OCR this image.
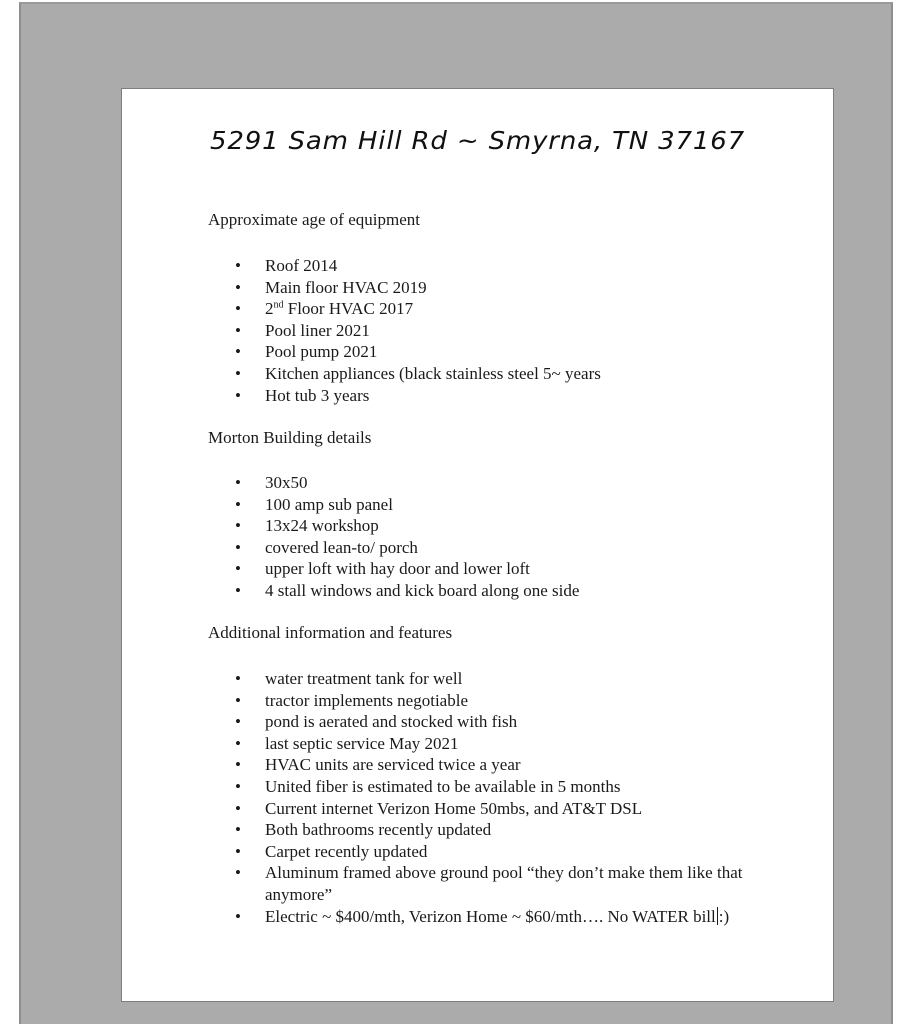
5291 Sam Hill Rd ~ Smyrna, TN 37167

Approximate age of equipment

• Roof 2014
• Main floor HVAC 2019
• 2nd Floor HVAC 2017
• Pool liner 2021
• Pool pump 2021
• Kitchen appliances (black stainless steel 5~ years
• Hot tub 3 years

Morton Building details

• 30x50
• 100 amp sub panel
• 13x24 workshop
• covered lean-to/ porch
• upper loft with hay door and lower loft
• 4 stall windows and kick board along one side

Additional information and features

• water treatment tank for well
• tractor implements negotiable
• pond is aerated and stocked with fish
• last septic service May 2021
• HVAC units are serviced twice a year
• United fiber is estimated to be available in 5 months
• Current internet Verizon Home 50mbs, and AT&T DSL
• Both bathrooms recently updated
• Carpet recently updated
• Aluminum framed above ground pool “they don’t make them like that anymore”
• Electric ~ $400/mth, Verizon Home ~ $60/mth…. No WATER bill :)
